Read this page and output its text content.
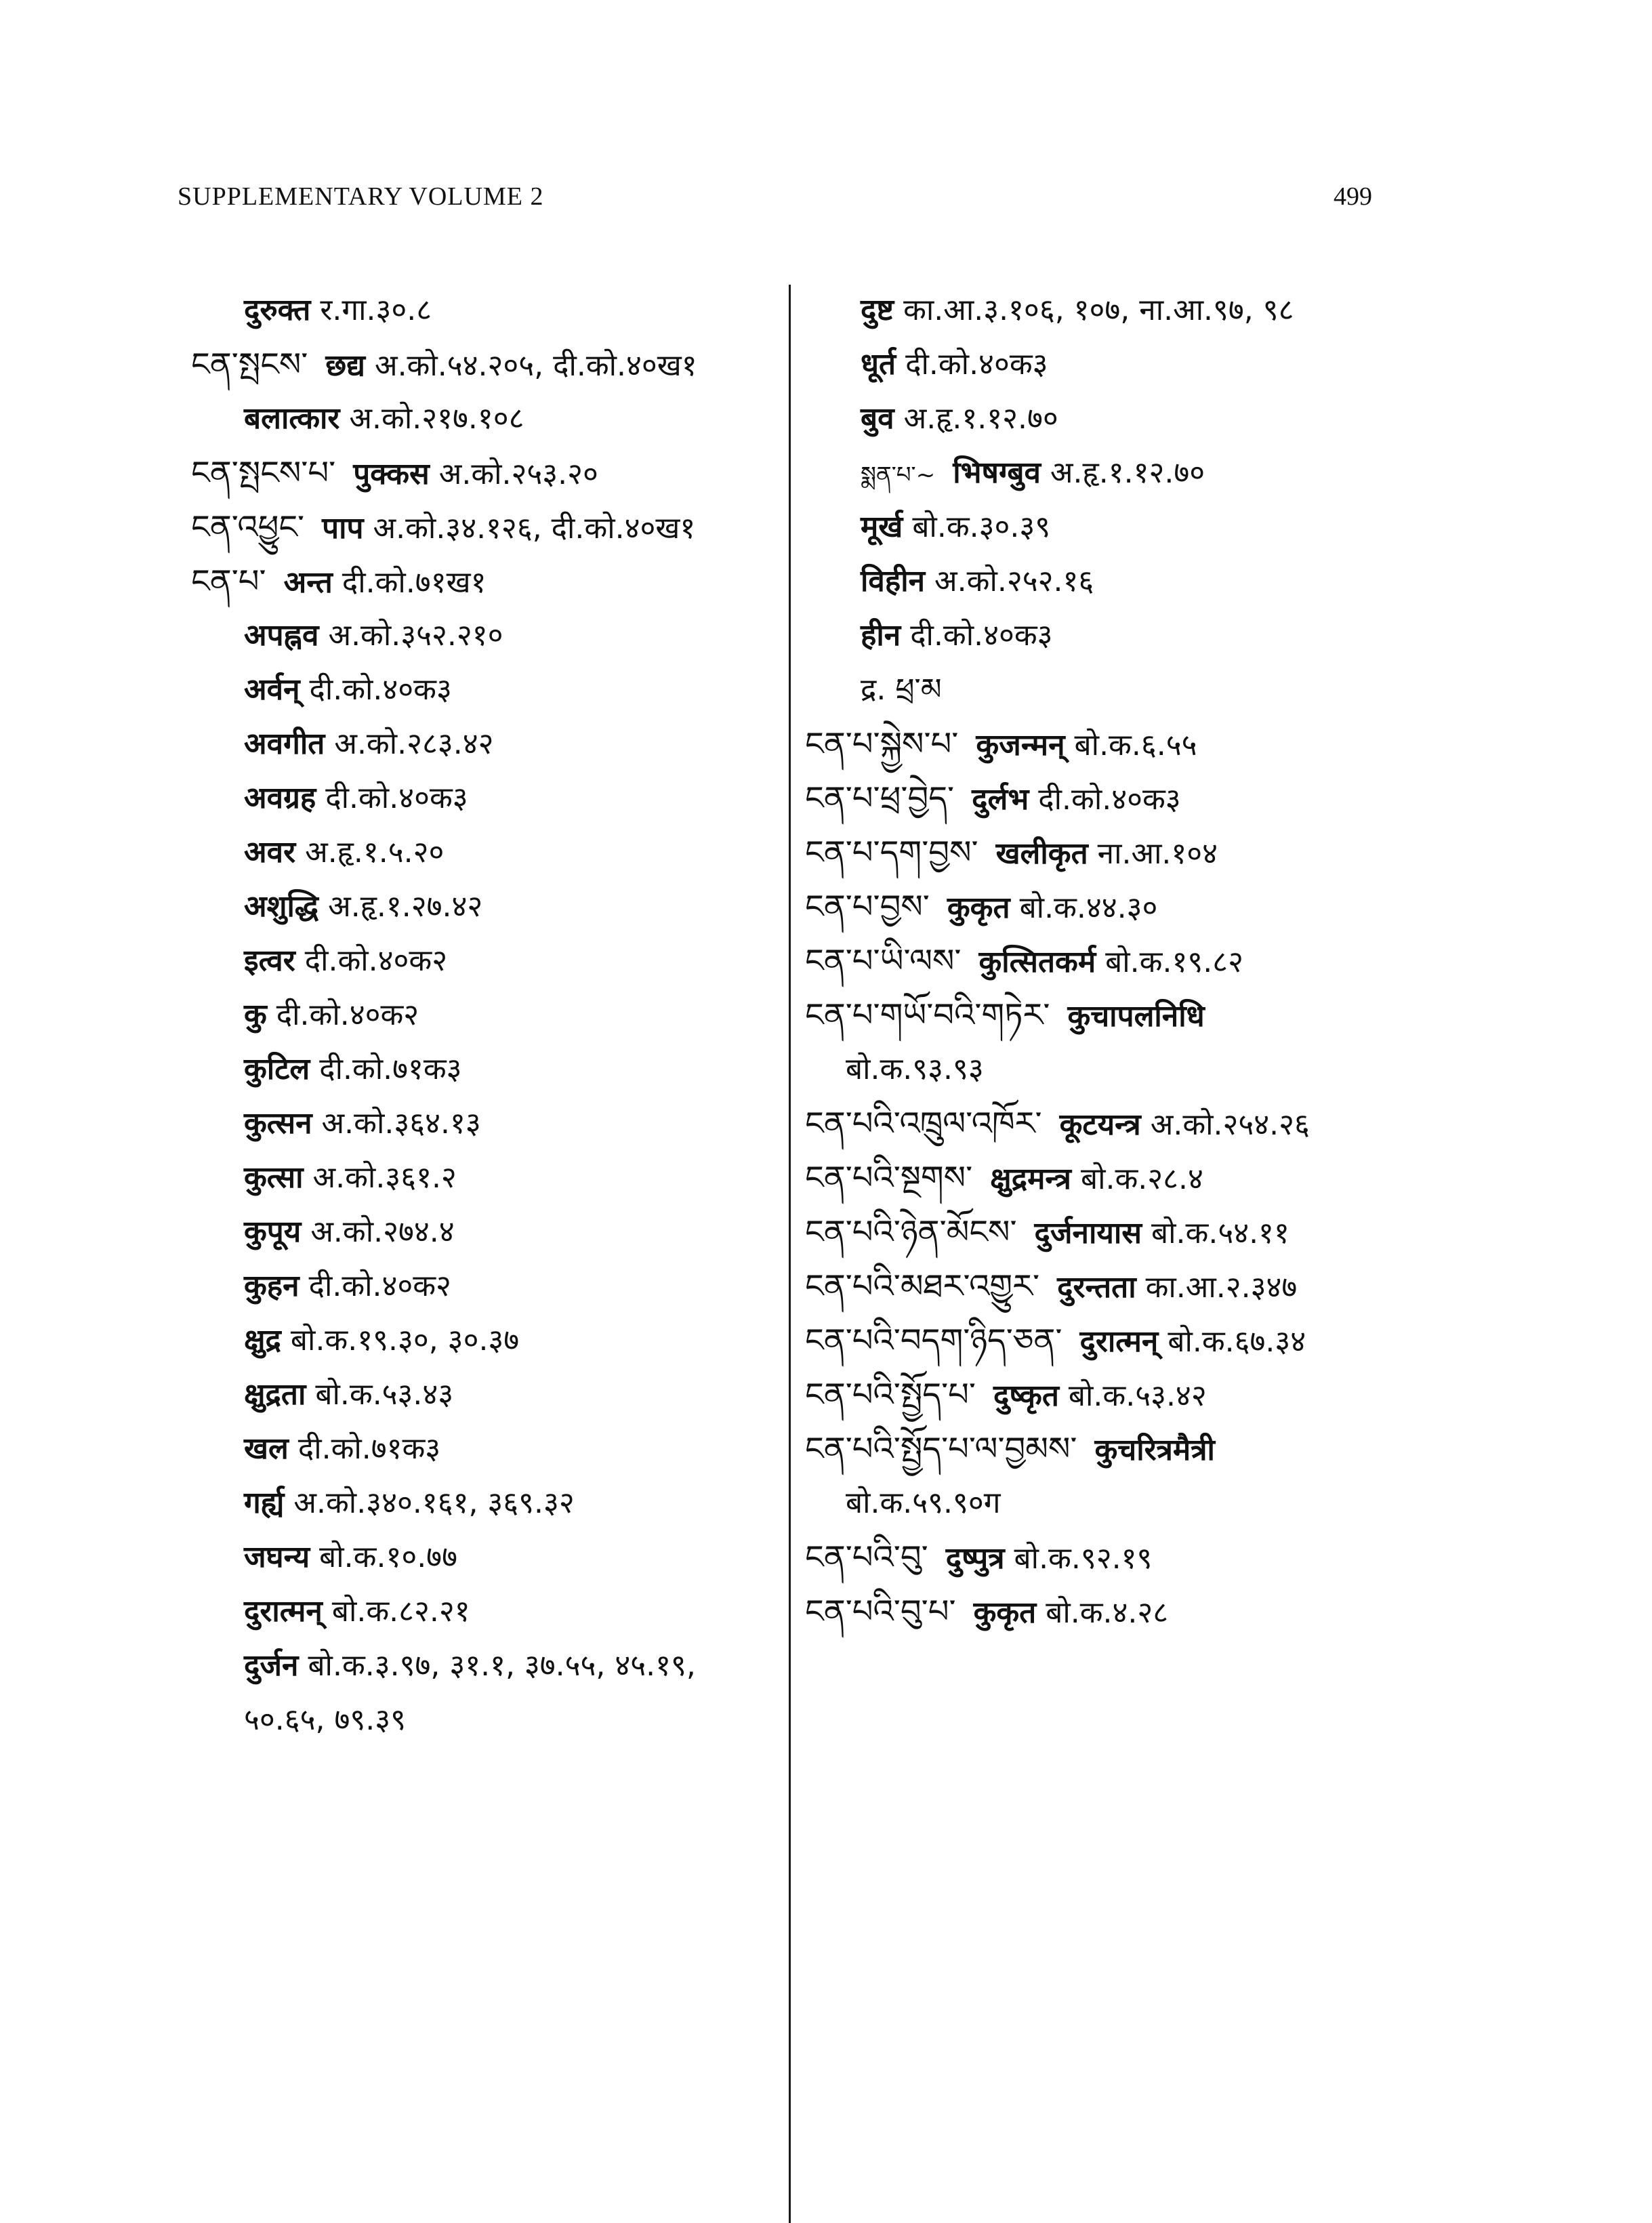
SUPPLEMENTARY VOLUME 2	499
दुरुक्त र.गा.३०.८
ངན་སྤངས་ छद्य अ.को.५४.२०५, दी.को.४०ख१
बलात्कार अ.को.२१७.१०८
ངན་སྤངས་པ་ पुक्कस अ.को.२५३.२०
ངན་འཕྱུང་ पाप अ.को.३४.१२६, दी.को.४०ख१
ངན་པ་ अन्त दी.को.७१ख१
अपह्नव अ.को.३५२.२१०
अर्वन् दी.को.४०क३
अवगीत अ.को.२८३.४२
अवग्रह दी.को.४०क३
अवर अ.हृ.१.५.२०
अशुद्धि अ.हृ.१.२७.४२
इत्वर दी.को.४०क२
कु दी.को.४०क२
कुटिल दी.को.७१क३
कुत्सन अ.को.३६४.१३
कुत्सा अ.को.३६१.२
कुपूय अ.को.२७४.४
कुहन दी.को.४०क२
क्षुद्र बो.क.१९.३०, ३०.३७
क्षुद्रता बो.क.५३.४३
खल दी.को.७१क३
गर्ह्य अ.को.३४०.१६१, ३६९.३२
जघन्य बो.क.१०.७७
दुरात्मन् बो.क.८२.२१
दुर्जन बो.क.३.९७, ३१.१, ३७.५५, ४५.१९,
५०.६५, ७९.३९
दुष्ट का.आ.३.१०६, १०७, ना.आ.९७, ९८
धूर्त दी.को.४०क३
बुव अ.हृ.१.१२.७०
སྨན་པ་~ भिषग्बुव अ.हृ.१.१२.७०
मूर्ख बो.क.३०.३९
विहीन अ.को.२५२.१६
हीन दी.को.४०क३
द्र. ཕྲ་མ
ངན་པ་སྐྱེས་པ་ कुजन्मन् बो.क.६.५५
ངན་པ་ཕྲ་བྱེད་ दुर्लभ दी.को.४०क३
ངན་པ་དག་བྱས་ खलीकृत ना.आ.१०४
ངན་པ་བྱས་ कुकृत बो.क.४४.३०
ངན་པ་ཡི་ལས་ कुत्सितकर्म बो.क.१९.८२
ངན་པ་གཡོ་བའི་གཏེར་ कुचापलनिधि
बो.क.९३.९३
ངན་པའི་འཁྲུལ་འཁོར་ कूटयन्त्र अ.को.२५४.२६
ངན་པའི་སྔགས་ क्षुद्रमन्त्र बो.क.२८.४
ངན་པའི་ཉེན་མོངས་ दुर्जनायास बो.क.५४.११
ངན་པའི་མཐར་འགྱུར་ दुरन्तता का.आ.२.३४७
ངན་པའི་བདག་ཉིད་ཅན་ दुरात्मन् बो.क.६७.३४
ངན་པའི་སྤྱོད་པ་ दुष्कृत बो.क.५३.४२
ངན་པའི་སྤྱོད་པ་ལ་བྱམས་ कुचरित्रमैत्री
बो.क.५९.९०ग
ངན་པའི་བུ་ दुष्पुत्र बो.क.९२.१९
ངན་པའི་བུ་པ་ कुकृत बो.क.४.२८
